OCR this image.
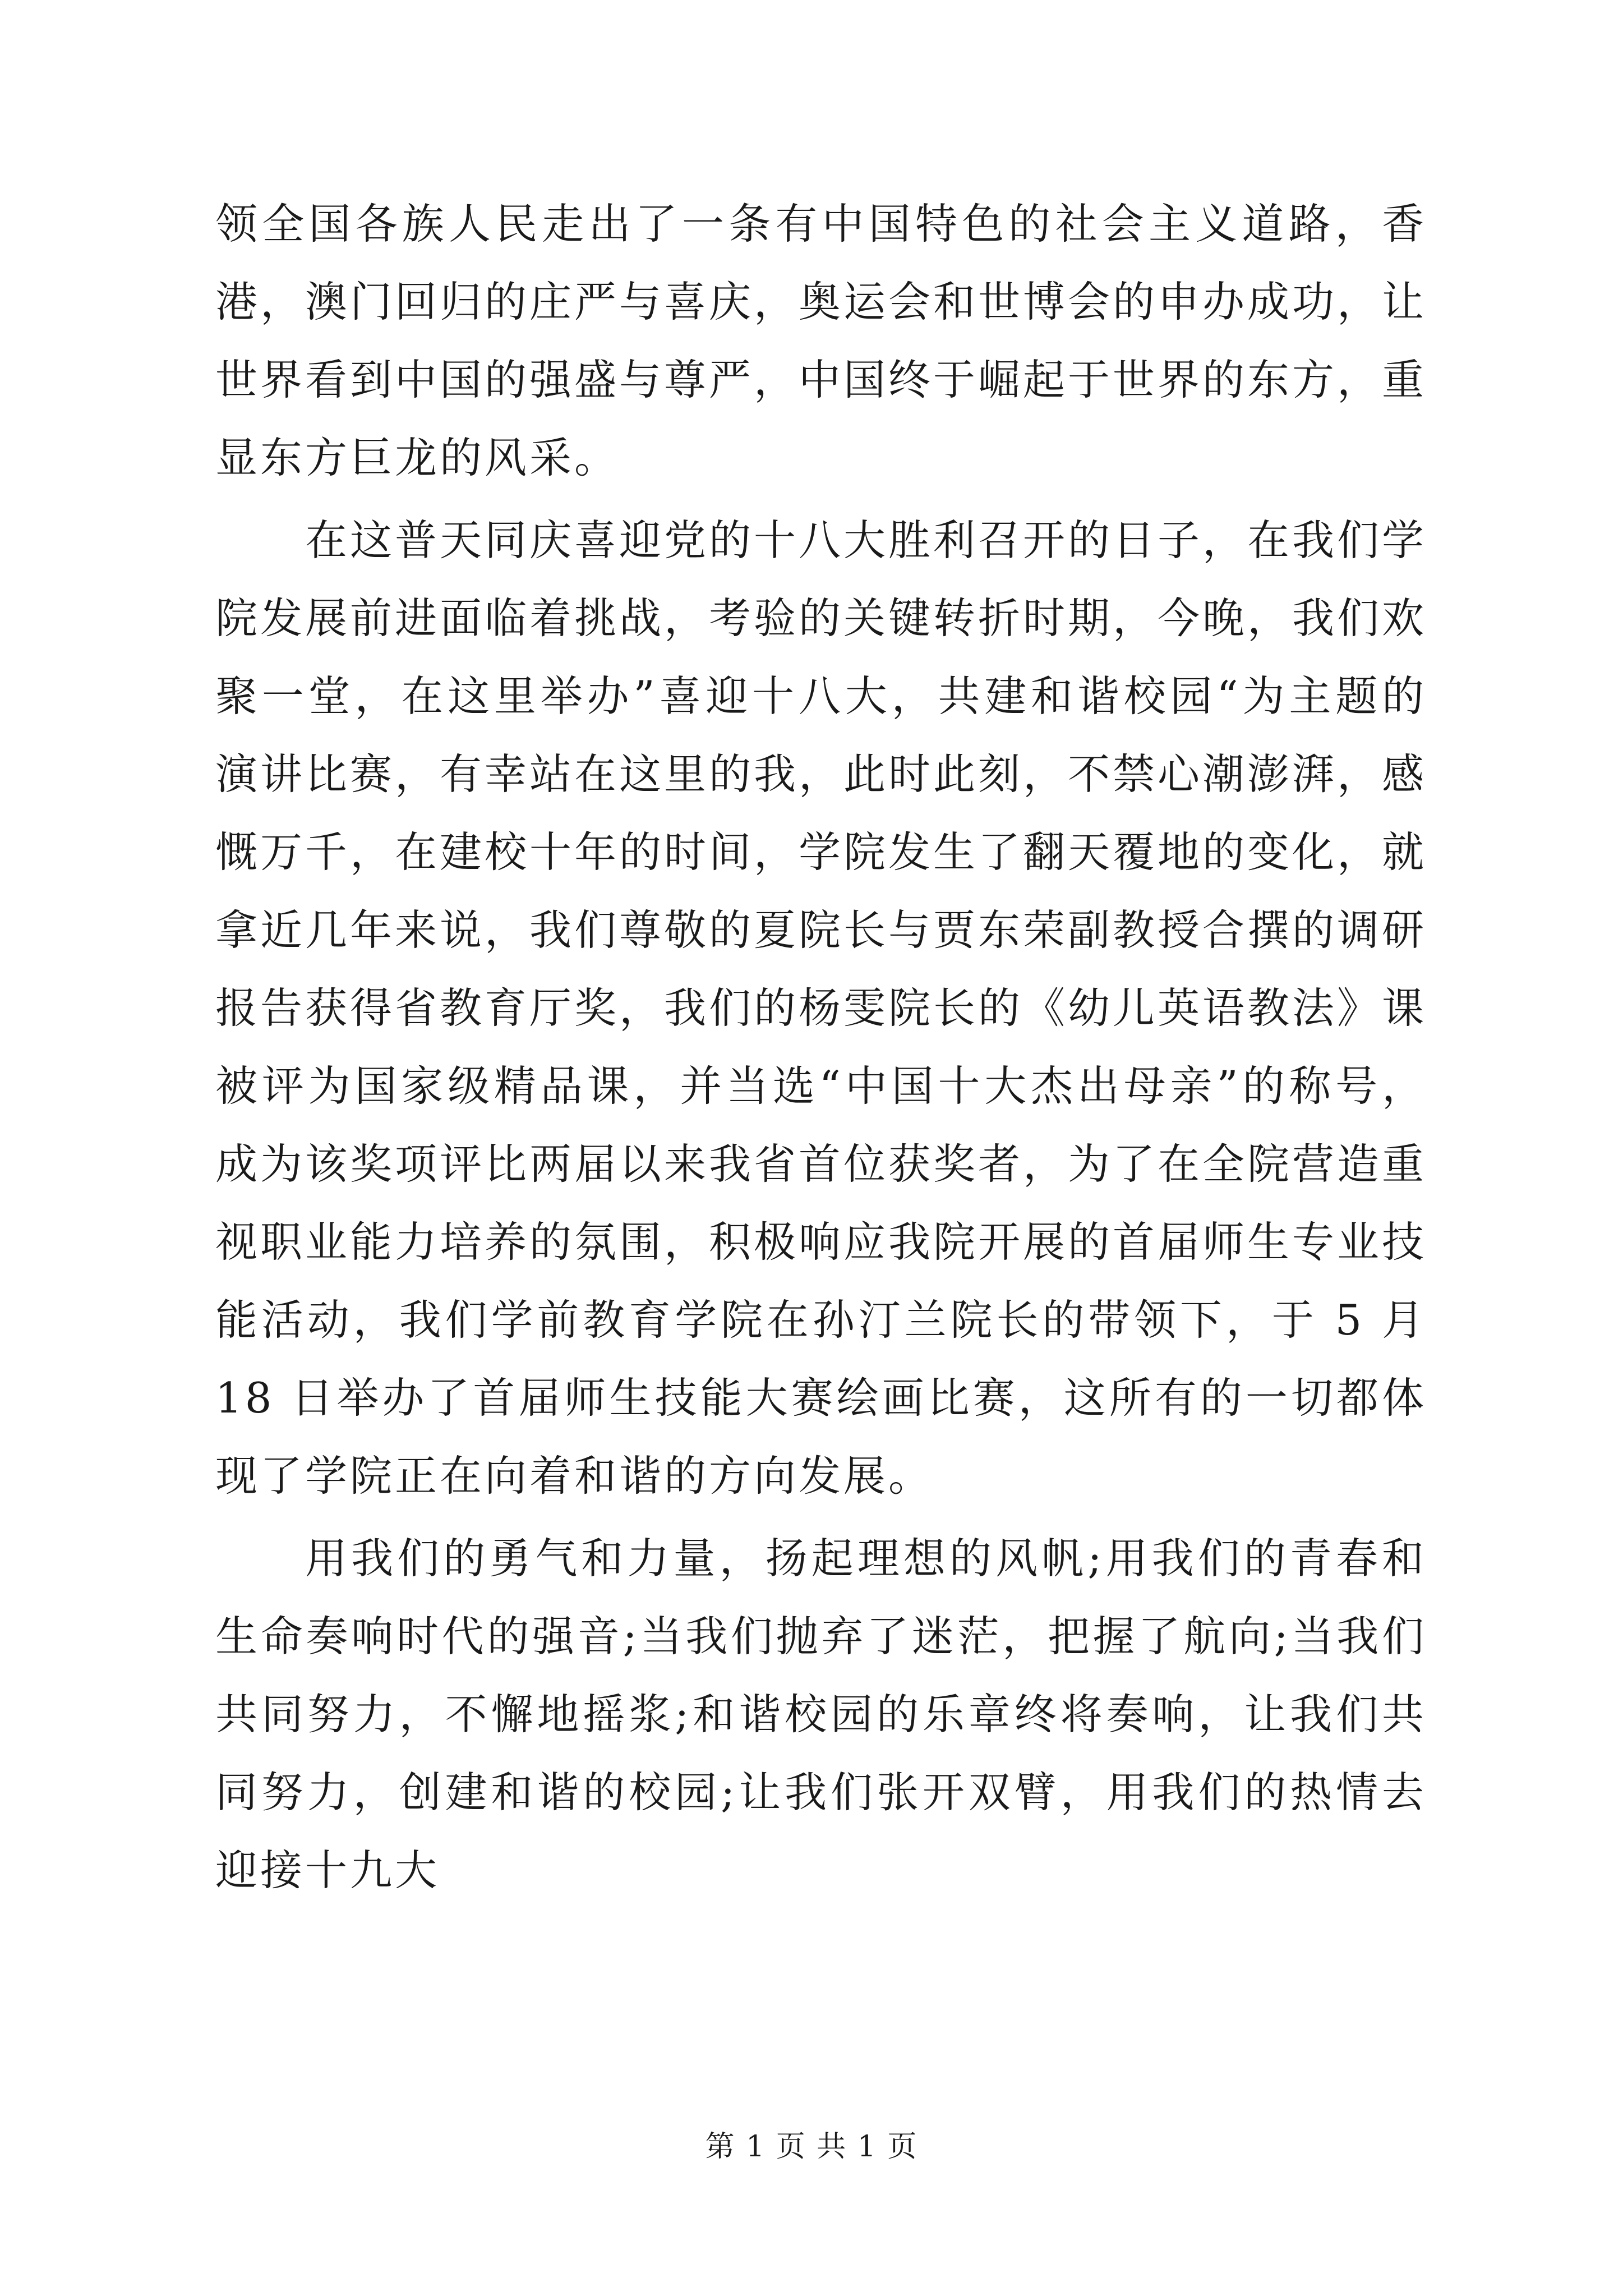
领全国各族人民走出了一条有中国特色的社会主义道路，香港，澳门回归的庄严与喜庆，奥运会和世博会的申办成功，让世界看到中国的强盛与尊严，中国终于崛起于世界的东方，重显东方巨龙的风采。

在这普天同庆喜迎党的十八大胜利召开的日子，在我们学院发展前进面临着挑战，考验的关键转折时期，今晚，我们欢聚一堂，在这里举办”喜迎十八大，共建和谐校园“为主题的演讲比赛，有幸站在这里的我，此时此刻，不禁心潮澎湃，感慨万千，在建校十年的时间，学院发生了翻天覆地的变化，就拿近几年来说，我们尊敬的夏院长与贾东荣副教授合撰的调研报告获得省教育厅奖，我们的杨雯院长的《幼儿英语教法》课被评为国家级精品课，并当选“中国十大杰出母亲”的称号，成为该奖项评比两届以来我省首位获奖者，为了在全院营造重视职业能力培养的氛围，积极响应我院开展的首届师生专业技能活动，我们学前教育学院在孙汀兰院长的带领下，于 5 月 18 日举办了首届师生技能大赛绘画比赛，这所有的一切都体现了学院正在向着和谐的方向发展。

用我们的勇气和力量，扬起理想的风帆;用我们的青春和生命奏响时代的强音;当我们抛弃了迷茫，把握了航向;当我们共同努力，不懈地摇浆;和谐校园的乐章终将奏响，让我们共同努力，创建和谐的校园;让我们张开双臂，用我们的热情去迎接十九大

第 1 页 共 1 页
